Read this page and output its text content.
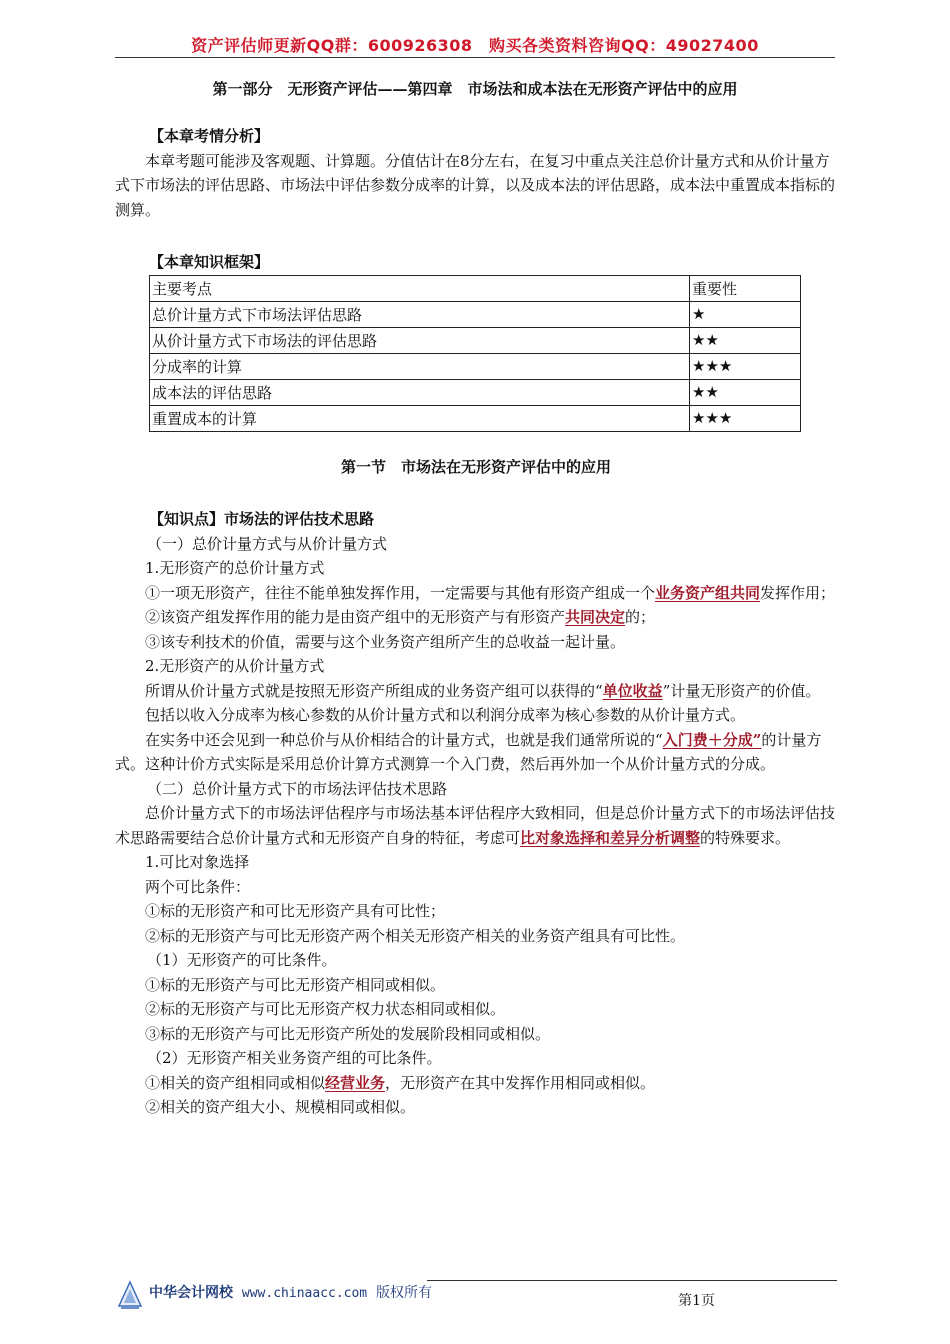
资产评估师更新QQ群：600926308　购买各类资料咨询QQ：49027400
第一部分　无形资产评估——第四章　市场法和成本法在无形资产评估中的应用

【本章考情分析】

本章考题可能涉及客观题、计算题。分值估计在8分左右，在复习中重点关注总价计量方式和从价计量方式下市场法的评估思路、市场法中评估参数分成率的计算，以及成本法的评估思路，成本法中重置成本指标的测算。

【本章知识框架】

主要考点	重要性
总价计量方式下市场法评估思路	★
从价计量方式下市场法的评估思路	★★
分成率的计算	★★★
成本法的评估思路	★★
重置成本的计算	★★★

第一节　市场法在无形资产评估中的应用

【知识点】市场法的评估技术思路

（一）总价计量方式与从价计量方式

1.无形资产的总价计量方式

①一项无形资产，往往不能单独发挥作用，一定需要与其他有形资产组成一个业务资产组共同发挥作用；

②该资产组发挥作用的能力是由资产组中的无形资产与有形资产共同决定的；

③该专利技术的价值，需要与这个业务资产组所产生的总收益一起计量。

2.无形资产的从价计量方式

所谓从价计量方式就是按照无形资产所组成的业务资产组可以获得的“单位收益”计量无形资产的价值。

包括以收入分成率为核心参数的从价计量方式和以利润分成率为核心参数的从价计量方式。

在实务中还会见到一种总价与从价相结合的计量方式，也就是我们通常所说的“入门费＋分成”的计量方式。这种计价方式实际是采用总价计算方式测算一个入门费，然后再外加一个从价计量方式的分成。

（二）总价计量方式下的市场法评估技术思路

总价计量方式下的市场法评估程序与市场法基本评估程序大致相同，但是总价计量方式下的市场法评估技术思路需要结合总价计量方式和无形资产自身的特征，考虑可比对象选择和差异分析调整的特殊要求。

1.可比对象选择

两个可比条件：

①标的无形资产和可比无形资产具有可比性；

②标的无形资产与可比无形资产两个相关无形资产相关的业务资产组具有可比性。

（1）无形资产的可比条件。

①标的无形资产与可比无形资产相同或相似。

②标的无形资产与可比无形资产权力状态相同或相似。

③标的无形资产与可比无形资产所处的发展阶段相同或相似。

（2）无形资产相关业务资产组的可比条件。

①相关的资产组相同或相似经营业务，无形资产在其中发挥作用相同或相似。

②相关的资产组大小、规模相同或相似。

中华会计网校 www.chinaacc.com 版权所有	第1页
